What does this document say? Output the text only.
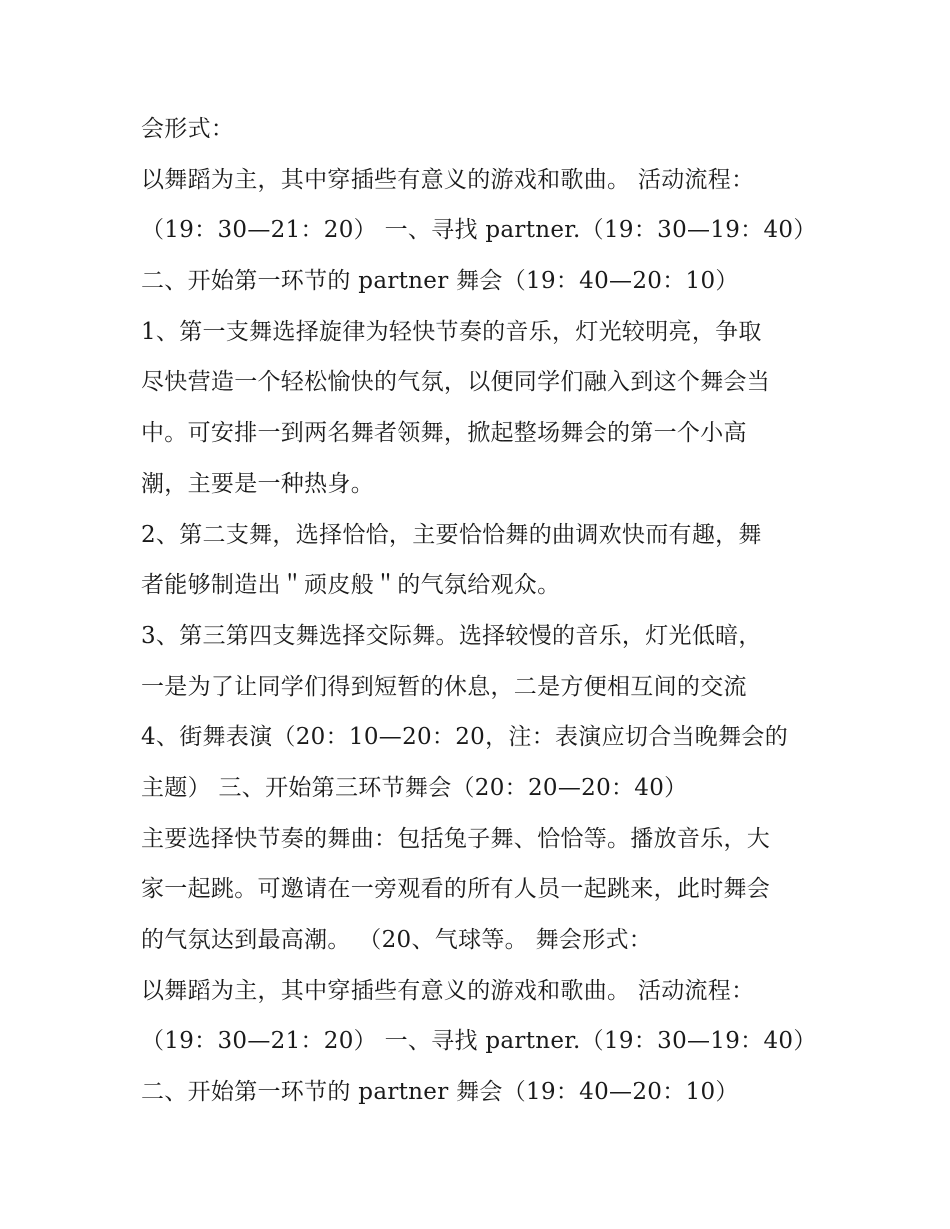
会形式：
以舞蹈为主，其中穿插些有意义的游戏和歌曲。 活动流程：
（19：30—21：20） 一、寻找 partner.（19：30—19：40）
二、开始第一环节的 partner 舞会（19：40—20：10）
1、第一支舞选择旋律为轻快节奏的音乐，灯光较明亮，争取
尽快营造一个轻松愉快的气氛，以便同学们融入到这个舞会当
中。可安排一到两名舞者领舞，掀起整场舞会的第一个小高
潮，主要是一种热身。
2、第二支舞，选择恰恰，主要恰恰舞的曲调欢快而有趣，舞
者能够制造出＂顽皮般＂的气氛给观众。
3、第三第四支舞选择交际舞。选择较慢的音乐，灯光低暗，
一是为了让同学们得到短暂的休息，二是方便相互间的交流
4、街舞表演（20：10—20：20，注：表演应切合当晚舞会的
主题） 三、开始第三环节舞会（20：20—20：40）
主要选择快节奏的舞曲：包括兔子舞、恰恰等。播放音乐，大
家一起跳。可邀请在一旁观看的所有人员一起跳来，此时舞会
的气氛达到最高潮。 （20、气球等。 舞会形式：
以舞蹈为主，其中穿插些有意义的游戏和歌曲。 活动流程：
（19：30—21：20） 一、寻找 partner.（19：30—19：40）
二、开始第一环节的 partner 舞会（19：40—20：10）
